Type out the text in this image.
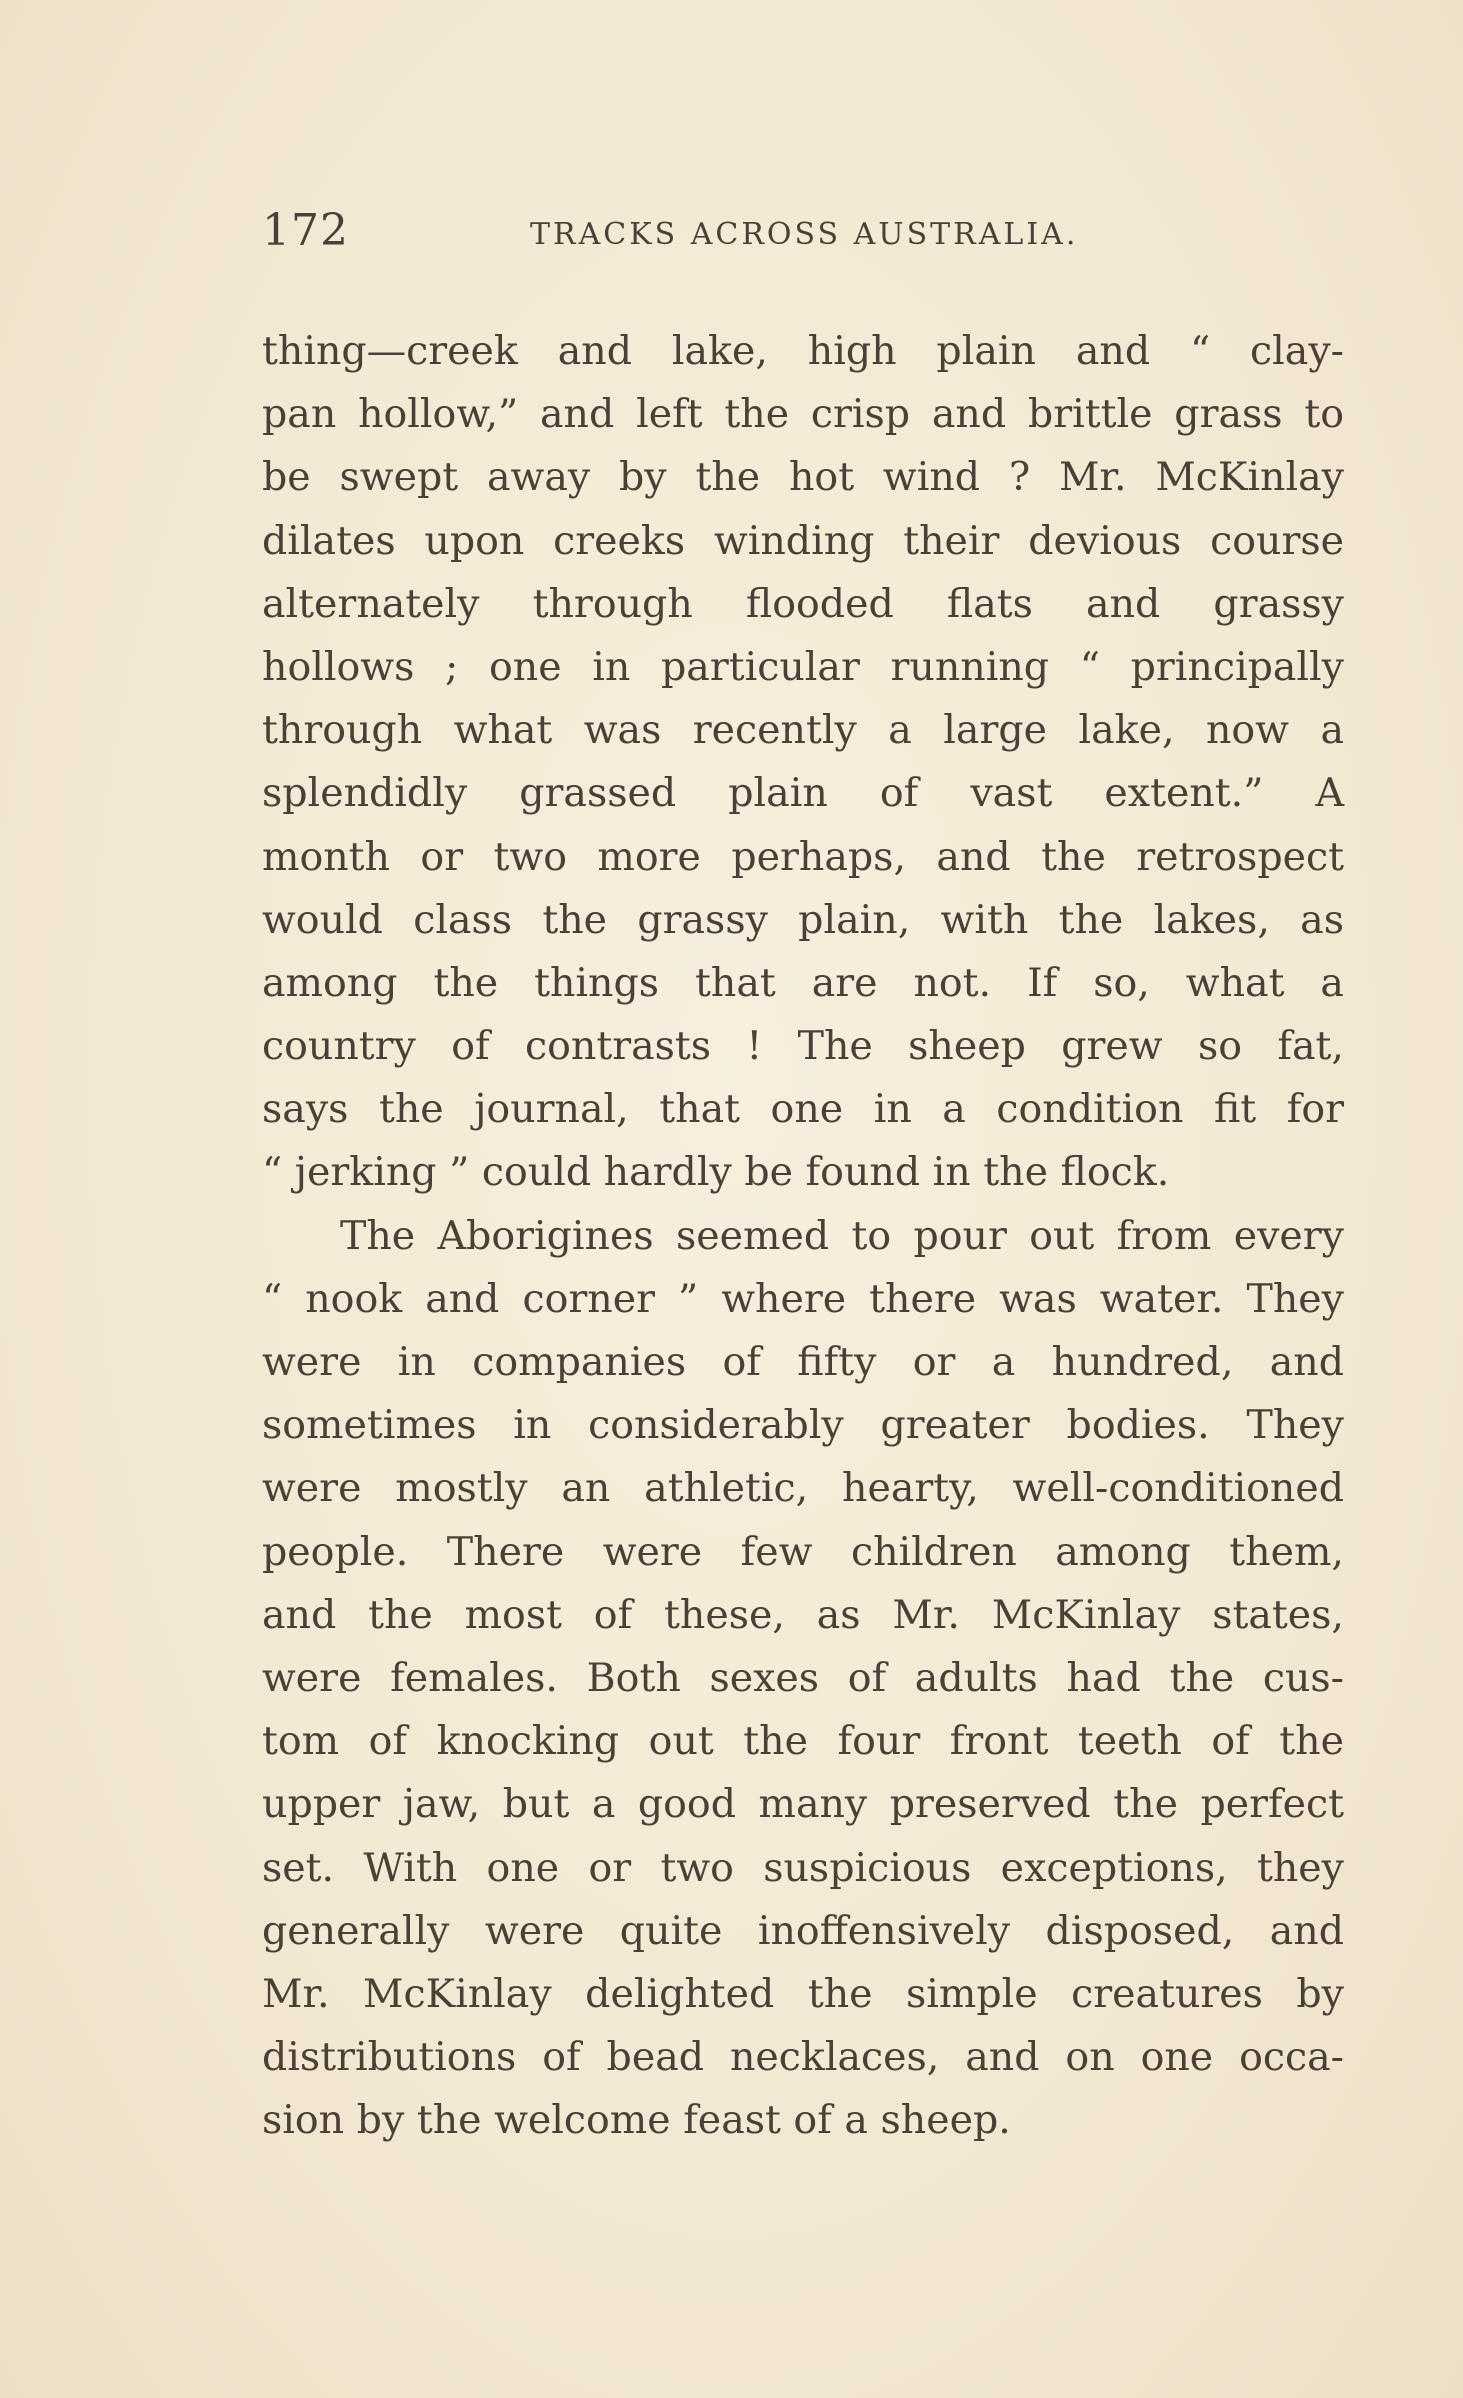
172	TRACKS ACROSS AUSTRALIA.
thing—creek and lake, high plain and “ clay-
pan hollow,” and left the crisp and brittle grass to
be swept away by the hot wind ? Mr. McKinlay
dilates upon creeks winding their devious course
alternately through flooded flats and grassy
hollows ; one in particular running “ principally
through what was recently a large lake, now a
splendidly grassed plain of vast extent.” A
month or two more perhaps, and the retrospect
would class the grassy plain, with the lakes, as
among the things that are not. If so, what a
country of contrasts ! The sheep grew so fat,
says the journal, that one in a condition fit for
“ jerking ” could hardly be found in the flock.
The Aborigines seemed to pour out from every
“ nook and corner ” where there was water. They
were in companies of fifty or a hundred, and
sometimes in considerably greater bodies. They
were mostly an athletic, hearty, well-conditioned
people. There were few children among them,
and the most of these, as Mr. McKinlay states,
were females. Both sexes of adults had the cus-
tom of knocking out the four front teeth of the
upper jaw, but a good many preserved the perfect
set. With one or two suspicious exceptions, they
generally were quite inoffensively disposed, and
Mr. McKinlay delighted the simple creatures by
distributions of bead necklaces, and on one occa-
sion by the welcome feast of a sheep.
